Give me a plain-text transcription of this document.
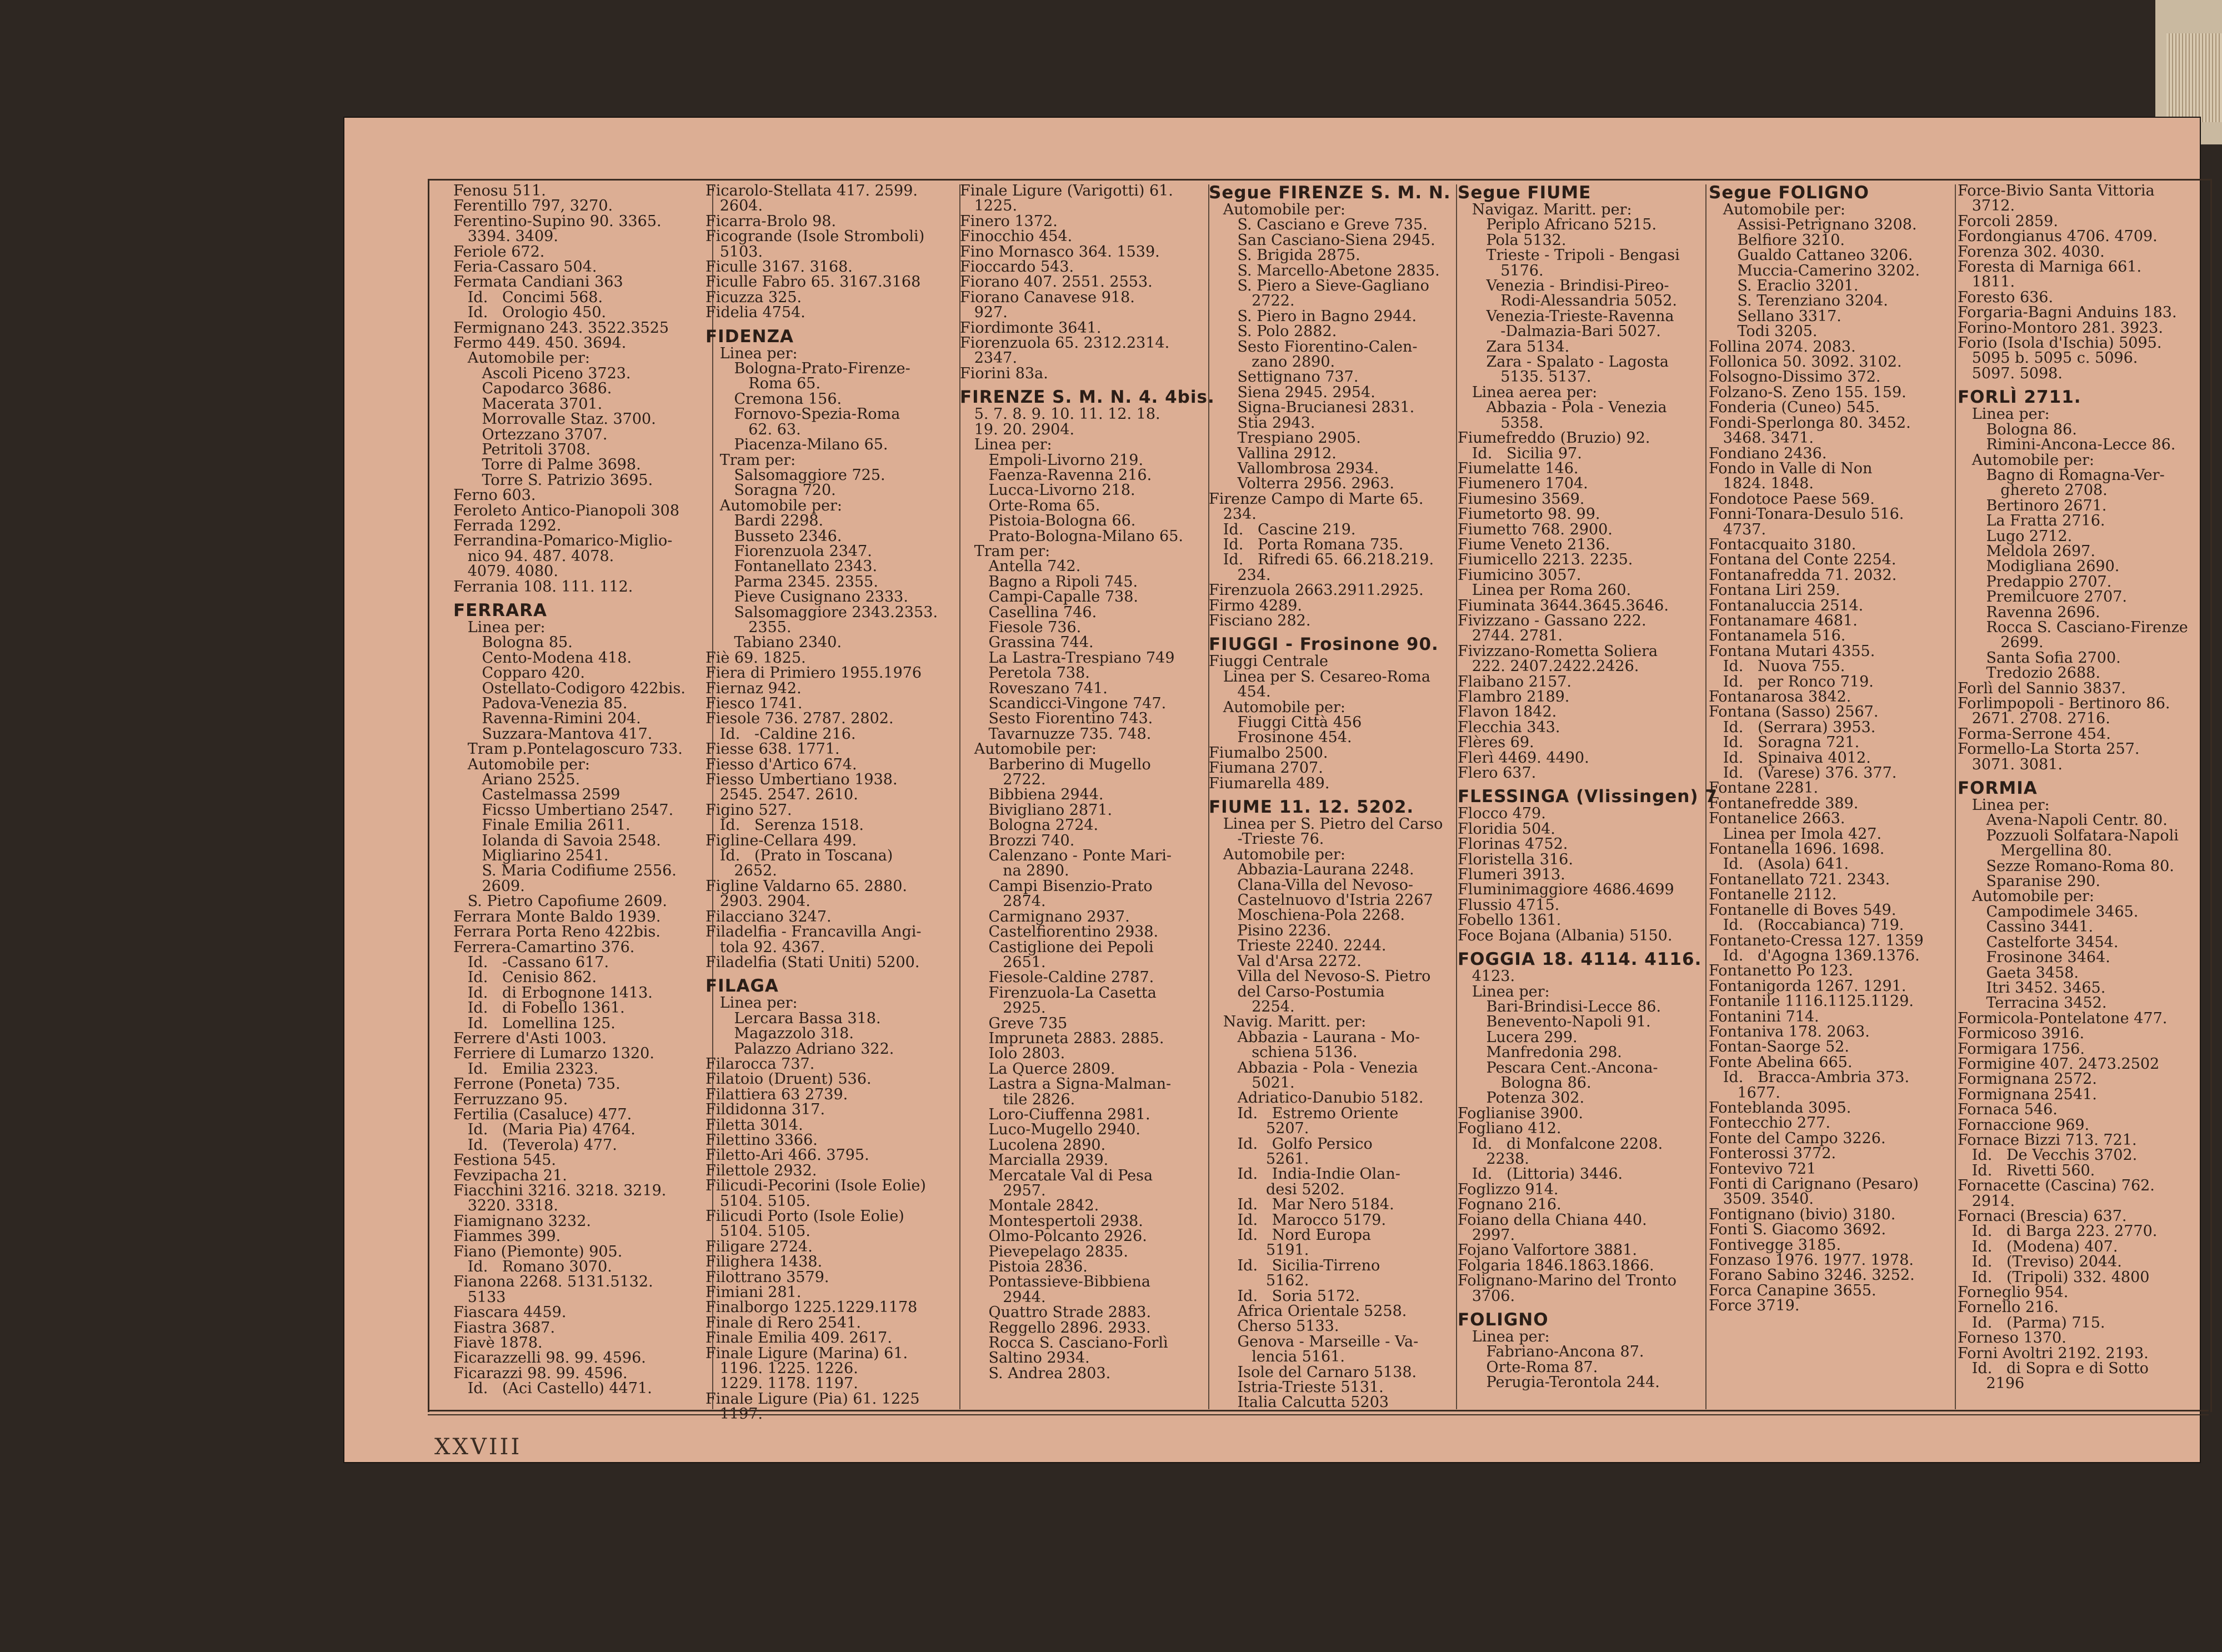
Fenosu 511.
Ferentillo 797, 3270.
Ferentino-Supino 90. 3365.
3394. 3409.
Feriole 672.
Feria-Cassaro 504.
Fermata Candiani 363
Id.   Concimi 568.
Id.   Orologio 450.
Fermignano 243. 3522.3525
Fermo 449. 450. 3694.
Automobile per:
Ascoli Piceno 3723.
Capodarco 3686.
Macerata 3701.
Morrovalle Staz. 3700.
Ortezzano 3707.
Petritoli 3708.
Torre di Palme 3698.
Torre S. Patrizio 3695.
Ferno 603.
Feroleto Antico-Pianopoli 308
Ferrada 1292.
Ferrandina-Pomarico-Miglio-
nico 94. 487. 4078.
4079. 4080.
Ferrania 108. 111. 112.
FERRARA
Linea per:
Bologna 85.
Cento-Modena 418.
Copparo 420.
Ostellato-Codigoro 422bis.
Padova-Venezia 85.
Ravenna-Rimini 204.
Suzzara-Mantova 417.
Tram p.Pontelagoscuro 733.
Automobile per:
Ariano 2525.
Castelmassa 2599
Ficsso Umbertiano 2547.
Finale Emilia 2611.
Iolanda di Savoia 2548.
Migliarino 2541.
S. Maria Codifiume 2556.
2609.
S. Pietro Capofiume 2609.
Ferrara Monte Baldo 1939.
Ferrara Porta Reno 422bis.
Ferrera-Camartino 376.
Id.   -Cassano 617.
Id.   Cenisio 862.
Id.   di Erbognone 1413.
Id.   di Fobello 1361.
Id.   Lomellina 125.
Ferrere d'Asti 1003.
Ferriere di Lumarzo 1320.
Id.   Emilia 2323.
Ferrone (Poneta) 735.
Ferruzzano 95.
Fertilia (Casaluce) 477.
Id.   (Maria Pia) 4764.
Id.   (Teverola) 477.
Festiona 545.
Fevzipacha 21.
Fiacchini 3216. 3218. 3219.
3220. 3318.
Fiamignano 3232.
Fiammes 399.
Fiano (Piemonte) 905.
Id.   Romano 3070.
Fianona 2268. 5131.5132.
5133
Fiascara 4459.
Fiastra 3687.
Fiavè 1878.
Ficarazzelli 98. 99. 4596.
Ficarazzi 98. 99. 4596.
Id.   (Aci Castello) 4471.
Ficarolo-Stellata 417. 2599.
2604.
Ficarra-Brolo 98.
Ficogrande (Isole Stromboli)
5103.
Ficulle 3167. 3168.
Ficulle Fabro 65. 3167.3168
Ficuzza 325.
Fidelia 4754.
FIDENZA
Linea per:
Bologna-Prato-Firenze-
Roma 65.
Cremona 156.
Fornovo-Spezia-Roma
62. 63.
Piacenza-Milano 65.
Tram per:
Salsomaggiore 725.
Soragna 720.
Automobile per:
Bardi 2298.
Busseto 2346.
Fiorenzuola 2347.
Fontanellato 2343.
Parma 2345. 2355.
Pieve Cusignano 2333.
Salsomaggiore 2343.2353.
2355.
Tabiano 2340.
Fiè 69. 1825.
Fiera di Primiero 1955.1976
Fiernaz 942.
Fiesco 1741.
Fiesole 736. 2787. 2802.
Id.   -Caldine 216.
Fiesse 638. 1771.
Fiesso d'Artico 674.
Fiesso Umbertiano 1938.
2545. 2547. 2610.
Figino 527.
Id.   Serenza 1518.
Figline-Cellara 499.
Id.   (Prato in Toscana)
2652.
Figline Valdarno 65. 2880.
2903. 2904.
Filacciano 3247.
Filadelfia - Francavilla Angi-
tola 92. 4367.
Filadelfia (Stati Uniti) 5200.
FILAGA
Linea per:
Lercara Bassa 318.
Magazzolo 318.
Palazzo Adriano 322.
Filarocca 737.
Filatoio (Druent) 536.
Filattiera 63 2739.
Fildidonna 317.
Filetta 3014.
Filettino 3366.
Filetto-Ari 466. 3795.
Filettole 2932.
Filicudi-Pecorini (Isole Eolie)
5104. 5105.
Filicudi Porto (Isole Eolie)
5104. 5105.
Filigare 2724.
Filighera 1438.
Filottrano 3579.
Fimiani 281.
Finalborgo 1225.1229.1178
Finale di Rero 2541.
Finale Emilia 409. 2617.
Finale Ligure (Marina) 61.
1196. 1225. 1226.
1229. 1178. 1197.
Finale Ligure (Pia) 61. 1225
1197.
Finale Ligure (Varigotti) 61.
1225.
Finero 1372.
Finocchio 454.
Fino Mornasco 364. 1539.
Fioccardo 543.
Fiorano 407. 2551. 2553.
Fiorano Canavese 918.
927.
Fiordimonte 3641.
Fiorenzuola 65. 2312.2314.
2347.
Fiorini 83a.
FIRENZE S. M. N. 4. 4bis.
5. 7. 8. 9. 10. 11. 12. 18.
19. 20. 2904.
Linea per:
Empoli-Livorno 219.
Faenza-Ravenna 216.
Lucca-Livorno 218.
Orte-Roma 65.
Pistoia-Bologna 66.
Prato-Bologna-Milano 65.
Tram per:
Antella 742.
Bagno a Ripoli 745.
Campi-Capalle 738.
Casellina 746.
Fiesole 736.
Grassina 744.
La Lastra-Trespiano 749
Peretola 738.
Roveszano 741.
Scandicci-Vingone 747.
Sesto Fiorentino 743.
Tavarnuzze 735. 748.
Automobile per:
Barberino di Mugello
2722.
Bibbiena 2944.
Bivigliano 2871.
Bologna 2724.
Brozzi 740.
Calenzano - Ponte Mari-
na 2890.
Campi Bisenzio-Prato
2874.
Carmignano 2937.
Castelfiorentino 2938.
Castiglione dei Pepoli
2651.
Fiesole-Caldine 2787.
Firenzuola-La Casetta
2925.
Greve 735
Impruneta 2883. 2885.
Iolo 2803.
La Querce 2809.
Lastra a Signa-Malman-
tile 2826.
Loro-Ciuffenna 2981.
Luco-Mugello 2940.
Lucolena 2890.
Marcialla 2939.
Mercatale Val di Pesa
2957.
Montale 2842.
Montespertoli 2938.
Olmo-Polcanto 2926.
Pievepelago 2835.
Pistoia 2836.
Pontassieve-Bibbiena
2944.
Quattro Strade 2883.
Reggello 2896. 2933.
Rocca S. Casciano-Forlì
Saltino 2934.
S. Andrea 2803.
Segue FIRENZE S. M. N.
Automobile per:
S. Casciano e Greve 735.
San Casciano-Siena 2945.
S. Brigida 2875.
S. Marcello-Abetone 2835.
S. Piero a Sieve-Gagliano
2722.
S. Piero in Bagno 2944.
S. Polo 2882.
Sesto Fiorentino-Calen-
zano 2890.
Settignano 737.
Siena 2945. 2954.
Signa-Brucianesi 2831.
Stia 2943.
Trespiano 2905.
Vallina 2912.
Vallombrosa 2934.
Volterra 2956. 2963.
Firenze Campo di Marte 65.
234.
Id.   Cascine 219.
Id.   Porta Romana 735.
Id.   Rifredi 65. 66.218.219.
234.
Firenzuola 2663.2911.2925.
Firmo 4289.
Fisciano 282.
FIUGGI - Frosinone 90.
Fiuggi Centrale
Linea per S. Cesareo-Roma
454.
Automobile per:
Fiuggi Città 456
Frosinone 454.
Fiumalbo 2500.
Fiumana 2707.
Fiumarella 489.
FIUME 11. 12. 5202.
Linea per S. Pietro del Carso
-Trieste 76.
Automobile per:
Abbazia-Laurana 2248.
Clana-Villa del Nevoso-
Castelnuovo d'Istria 2267
Moschiena-Pola 2268.
Pisino 2236.
Trieste 2240. 2244.
Val d'Arsa 2272.
Villa del Nevoso-S. Pietro
del Carso-Postumia
2254.
Navig. Maritt. per:
Abbazia - Laurana - Mo-
schiena 5136.
Abbazia - Pola - Venezia
5021.
Adriatico-Danubio 5182.
Id.   Estremo Oriente
5207.
Id.   Golfo Persico
5261.
Id.   India-Indie Olan-
desi 5202.
Id.   Mar Nero 5184.
Id.   Marocco 5179.
Id.   Nord Europa
5191.
Id.   Sicilia-Tirreno
5162.
Id.   Soria 5172.
Africa Orientale 5258.
Cherso 5133.
Genova - Marseille - Va-
lencia 5161.
Isole del Carnaro 5138.
Istria-Trieste 5131.
Italia Calcutta 5203
Segue FIUME
Navigaz. Maritt. per:
Periplo Africano 5215.
Pola 5132.
Trieste - Tripoli - Bengasi
5176.
Venezia - Brindisi-Pireo-
Rodi-Alessandria 5052.
Venezia-Trieste-Ravenna
-Dalmazia-Bari 5027.
Zara 5134.
Zara - Spalato - Lagosta
5135. 5137.
Linea aerea per:
Abbazia - Pola - Venezia
5358.
Fiumefreddo (Bruzio) 92.
Id.   Sicilia 97.
Fiumelatte 146.
Fiumenero 1704.
Fiumesino 3569.
Fiumetorto 98. 99.
Fiumetto 768. 2900.
Fiume Veneto 2136.
Fiumicello 2213. 2235.
Fiumicino 3057.
Linea per Roma 260.
Fiuminata 3644.3645.3646.
Fivizzano - Gassano 222.
2744. 2781.
Fivizzano-Rometta Soliera
222. 2407.2422.2426.
Flaibano 2157.
Flambro 2189.
Flavon 1842.
Flecchia 343.
Flères 69.
Flerì 4469. 4490.
Flero 637.
FLESSINGA (Vlissingen) 7
Flocco 479.
Floridia 504.
Florinas 4752.
Floristella 316.
Flumeri 3913.
Fluminimaggiore 4686.4699
Flussio 4715.
Fobello 1361.
Foce Bojana (Albania) 5150.
FOGGIA 18. 4114. 4116.
4123.
Linea per:
Bari-Brindisi-Lecce 86.
Benevento-Napoli 91.
Lucera 299.
Manfredonia 298.
Pescara Cent.-Ancona-
Bologna 86.
Potenza 302.
Foglianise 3900.
Fogliano 412.
Id.   di Monfalcone 2208.
2238.
Id.   (Littoria) 3446.
Foglizzo 914.
Fognano 216.
Foiano della Chiana 440.
2997.
Fojano Valfortore 3881.
Folgaria 1846.1863.1866.
Folignano-Marino del Tronto
3706.
FOLIGNO
Linea per:
Fabriano-Ancona 87.
Orte-Roma 87.
Perugia-Terontola 244.
Segue FOLIGNO
Automobile per:
Assisi-Petrignano 3208.
Belfiore 3210.
Gualdo Cattaneo 3206.
Muccia-Camerino 3202.
S. Eraclio 3201.
S. Terenziano 3204.
Sellano 3317.
Todi 3205.
Follina 2074. 2083.
Follonica 50. 3092. 3102.
Folsogno-Dissimo 372.
Folzano-S. Zeno 155. 159.
Fonderia (Cuneo) 545.
Fondi-Sperlonga 80. 3452.
3468. 3471.
Fondiano 2436.
Fondo in Valle di Non
1824. 1848.
Fondotoce Paese 569.
Fonni-Tonara-Desulo 516.
4737.
Fontacquaito 3180.
Fontana del Conte 2254.
Fontanafredda 71. 2032.
Fontana Liri 259.
Fontanaluccia 2514.
Fontanamare 4681.
Fontanamela 516.
Fontana Mutari 4355.
Id.   Nuova 755.
Id.   per Ronco 719.
Fontanarosa 3842.
Fontana (Sasso) 2567.
Id.   (Serrara) 3953.
Id.   Soragna 721.
Id.   Spinaiva 4012.
Id.   (Varese) 376. 377.
Fontane 2281.
Fontanefredde 389.
Fontanelice 2663.
Linea per Imola 427.
Fontanella 1696. 1698.
Id.   (Asola) 641.
Fontanellato 721. 2343.
Fontanelle 2112.
Fontanelle di Boves 549.
Id.   (Roccabianca) 719.
Fontaneto-Cressa 127. 1359
Id.   d'Agogna 1369.1376.
Fontanetto Po 123.
Fontanigorda 1267. 1291.
Fontanile 1116.1125.1129.
Fontanini 714.
Fontaniva 178. 2063.
Fontan-Saorge 52.
Fonte Abelina 665.
Id.   Bracca-Ambria 373.
1677.
Fonteblanda 3095.
Fontecchio 277.
Fonte del Campo 3226.
Fonterossi 3772.
Fontevivo 721
Fonti di Carignano (Pesaro)
3509. 3540.
Fontignano (bivio) 3180.
Fonti S. Giacomo 3692.
Fontivegge 3185.
Fonzaso 1976. 1977. 1978.
Forano Sabino 3246. 3252.
Forca Canapine 3655.
Force 3719.
Force-Bivio Santa Vittoria
3712.
Forcoli 2859.
Fordongianus 4706. 4709.
Forenza 302. 4030.
Foresta di Marniga 661.
1811.
Foresto 636.
Forgaria-Bagni Anduins 183.
Forino-Montoro 281. 3923.
Forio (Isola d'Ischia) 5095.
5095 b. 5095 c. 5096.
5097. 5098.
FORLÌ 2711.
Linea per:
Bologna 86.
Rimini-Ancona-Lecce 86.
Automobile per:
Bagno di Romagna-Ver-
ghereto 2708.
Bertinoro 2671.
La Fratta 2716.
Lugo 2712.
Meldola 2697.
Modigliana 2690.
Predappio 2707.
Premilcuore 2707.
Ravenna 2696.
Rocca S. Casciano-Firenze
2699.
Santa Sofia 2700.
Tredozio 2688.
Forlì del Sannio 3837.
Forlimpopoli - Bertinoro 86.
2671. 2708. 2716.
Forma-Serrone 454.
Formello-La Storta 257.
3071. 3081.
FORMIA
Linea per:
Avena-Napoli Centr. 80.
Pozzuoli Solfatara-Napoli
Mergellina 80.
Sezze Romano-Roma 80.
Sparanise 290.
Automobile per:
Campodimele 3465.
Cassino 3441.
Castelforte 3454.
Frosinone 3464.
Gaeta 3458.
Itri 3452. 3465.
Terracina 3452.
Formicola-Pontelatone 477.
Formicoso 3916.
Formigara 1756.
Formigine 407. 2473.2502
Formignana 2572.
Formignana 2541.
Fornaca 546.
Fornaccione 969.
Fornace Bizzi 713. 721.
Id.   De Vecchis 3702.
Id.   Rivetti 560.
Fornacette (Cascina) 762.
2914.
Fornaci (Brescia) 637.
Id.   di Barga 223. 2770.
Id.   (Modena) 407.
Id.   (Treviso) 2044.
Id.   (Tripoli) 332. 4800
Forneglio 954.
Fornello 216.
Id.   (Parma) 715.
Forneso 1370.
Forni Avoltri 2192. 2193.
Id.   di Sopra e di Sotto
2196
XXVIII
